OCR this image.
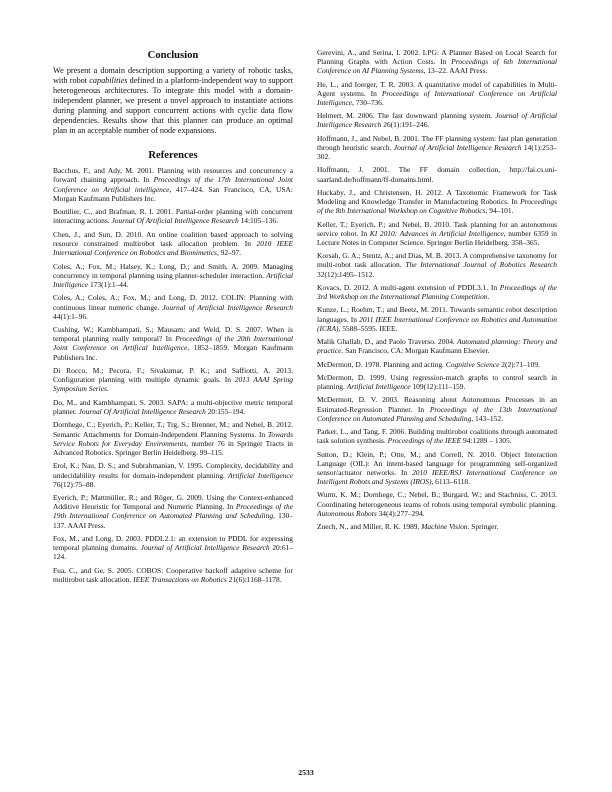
Conclusion

We present a domain description supporting a variety of robotic tasks, with robot capabilities defined in a platform-independent way to support heterogeneous architectures. To integrate this model with a domain-independent planner, we present a novel approach to instantiate actions during planning and support concurrent actions with cyclic data flow dependencies. Results show that this planner can produce an optimal plan in an acceptable number of node expansions.

References

Bacchus, F., and Ady, M. 2001. Planning with resources and concurrency a forward chaining approach. In Proceedings of the 17th International Joint Conference on Artificial intelligence, 417–424. San Francisco, CA, USA: Morgan Kaufmann Publishers Inc.

Boutilier, C., and Brafman, R. I. 2001. Partial-order planning with concurrent interacting actions. Journal Of Artificial Intelligence Research 14:105–136.

Chen, J., and Sun, D. 2010. An online coalition based approach to solving resource constrained multirobot task allocation problem. In 2010 IEEE International Conference on Robotics and Biomimetics, 92–97.

Coles, A.; Fox, M.; Halsey, K.; Long, D.; and Smith, A. 2009. Managing concurrency in temporal planning using planner-scheduler interaction. Artificial Intelligence 173(1):1–44.

Coles, A.; Coles, A.; Fox, M.; and Long, D. 2012. COLIN: Planning with continuous linear numeric change. Journal of Artificial Intelligence Research 44(1):1–96.

Cushing, W.; Kambhampati, S.; Mausam; and Weld, D. S. 2007. When is temporal planning really temporal? In Proceedings of the 20th International Joint Conference on Artifical Intelligence, 1852–1859. Morgan Kaufmann Publishers Inc.

Di Rocco, M.; Pecora, F.; Sivakumar, P. K.; and Saffiotti, A. 2013. Configuration planning with multiple dynamic goals. In 2013 AAAI Spring Symposium Series.

Do, M., and Kambhampati, S. 2003. SAPA: a multi-objective metric temporal planner. Journal Of Artificial Intelligence Research 20:155–194.

Dornhege, C.; Eyerich, P.; Keller, T.; Trg, S.; Brenner, M.; and Nebel, B. 2012. Semantic Attachments for Domain-Independent Planning Systems. In Towards Service Robots for Everyday Environments, number 76 in Springer Tracts in Advanced Robotics. Springer Berlin Heidelberg. 99–115.

Erol, K.; Nau, D. S.; and Subrahmanian, V. 1995. Complexity, decidability and undecidability results for domain-independent planning. Artificial Intelligence 76(12):75–88.

Eyerich, P.; Mattmüller, R.; and Röger, G. 2009. Using the Context-enhanced Additive Heuristic for Temporal and Numeric Planning. In Proceedings of the 19th International Conference on Automated Planning and Scheduling, 130–137. AAAI Press.

Fox, M., and Long, D. 2003. PDDL2.1: an extension to PDDL for expressing temporal planning domains. Journal of Artificial Intelligence Research 20:61–124.

Fua, C., and Ge, S. 2005. COBOS: Cooperative backoff adaptive scheme for multirobot task allocation. IEEE Transactions on Robotics 21(6):1168–1178.

Gerevini, A., and Serina, I. 2002. LPG: A Planner Based on Local Search for Planning Graphs with Action Costs. In Proceedings of 6th International Conference on AI Planning Systems, 13–22. AAAI Press.

He, L., and Ioerger, T. R. 2003. A quantitative model of capabilities in Multi-Agent systems. In Proceedings of International Conference on Artificial Intelligence, 730–736.

Helmert, M. 2006. The fast downward planning system. Journal of Artificial Intelligence Research 26(1):191–246.

Hoffmann, J., and Nebel, B. 2001. The FF planning system: fast plan generation through heuristic search. Journal of Artificial Intelligence Research 14(1):253–302.

Hoffmann, J. 2001. The FF domain collection, http://fai.cs.uni-saarland.de/hoffmann/ff-domains.html.

Huckaby, J., and Christensen, H. 2012. A Taxonomic Framework for Task Modeling and Knowledge Transfer in Manufacturing Robotics. In Proceedings of the 8th International Workshop on Cognitive Robotics, 94–101.

Keller, T.; Eyerich, P.; and Nebel, B. 2010. Task planning for an autonomous service robot. In KI 2010: Advances in Artificial Intelligence, number 6359 in Lecture Notes in Computer Science. Springer Berlin Heidelberg. 358–365.

Korsah, G. A.; Stentz, A.; and Dias, M. B. 2013. A comprehensive taxonomy for multi-robot task allocation. The International Journal of Robotics Research 32(12):1495–1512.

Kovacs, D. 2012. A multi-agent extension of PDDL3.1. In Proceedings of the 3rd Workshop on the International Planning Competition.

Kunze, L.; Roehm, T.; and Beetz, M. 2011. Towards semantic robot description languages. In 2011 IEEE International Conference on Robotics and Automation (ICRA), 5588–5595. IEEE.

Malik Ghallab, D., and Paolo Traverso. 2004. Automated planning: Theory and practice. San Francisco, CA: Morgan Kaufmann Elsevier.

McDermott, D. 1978. Planning and acting. Cognitive Science 2(2):71–109.

McDermott, D. 1999. Using regression-match graphs to control search in planning. Artificial Intelligence 109(12):111–159.

McDermott, D. V. 2003. Reasoning about Autonomous Processes in an Estimated-Regression Planner. In Proceedings of the 13th International Conference on Automated Planning and Scheduling, 143–152.

Parker, L., and Tang, F. 2006. Building multirobot coalitions through automated task solution synthesis. Proceedings of the IEEE 94:1289 – 1305.

Sutton, D.; Klein, P.; Otte, M.; and Correll, N. 2010. Object Interaction Language (OIL): An intent-based language for programming self-organized sensor/actuator networks. In 2010 IEEE/RSJ International Conference on Intelligent Robots and Systems (IROS), 6113–6118.

Wurm, K. M.; Dornhege, C.; Nebel, B.; Burgard, W.; and Stachniss, C. 2013. Coordinating heterogeneous teams of robots using temporal symbolic planning. Autonomous Robots 34(4):277–294.

Zuech, N., and Miller, R. K. 1989. Machine Vision. Springer.

2533
